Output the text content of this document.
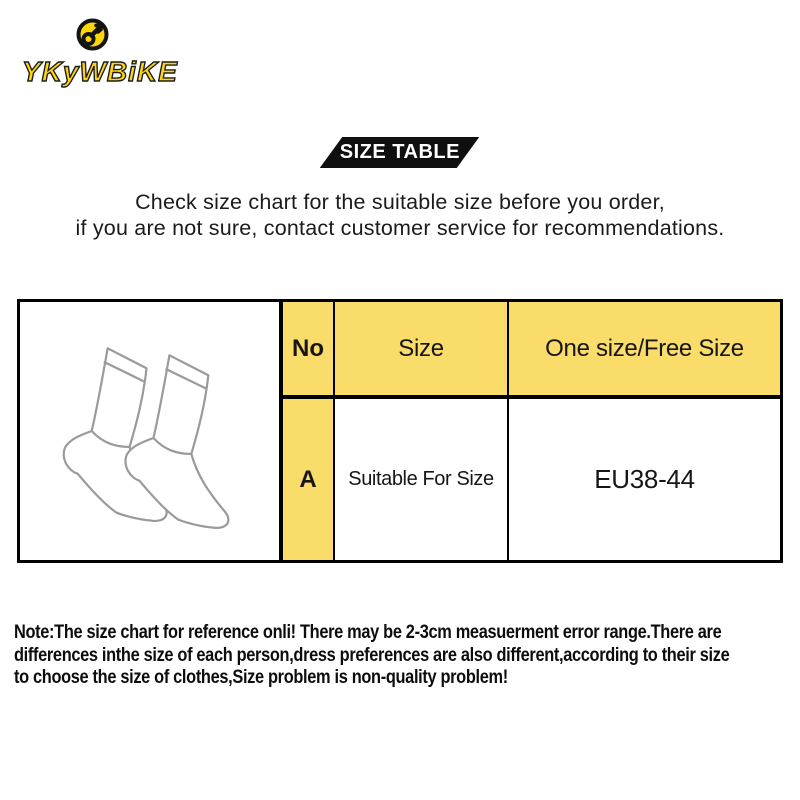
YKyWBiKE
SIZE TABLE
Check size chart for the suitable size before you order,
if you are not sure, contact customer service for recommendations.
No	Size	One size/Free Size
A	Suitable For Size	EU38-44
Note:The size chart for reference onli! There may be 2-3cm measuerment error range.There are
differences inthe size of each person,dress preferences are also different,according to their size
to choose the size of clothes,Size problem is non-quality problem!
